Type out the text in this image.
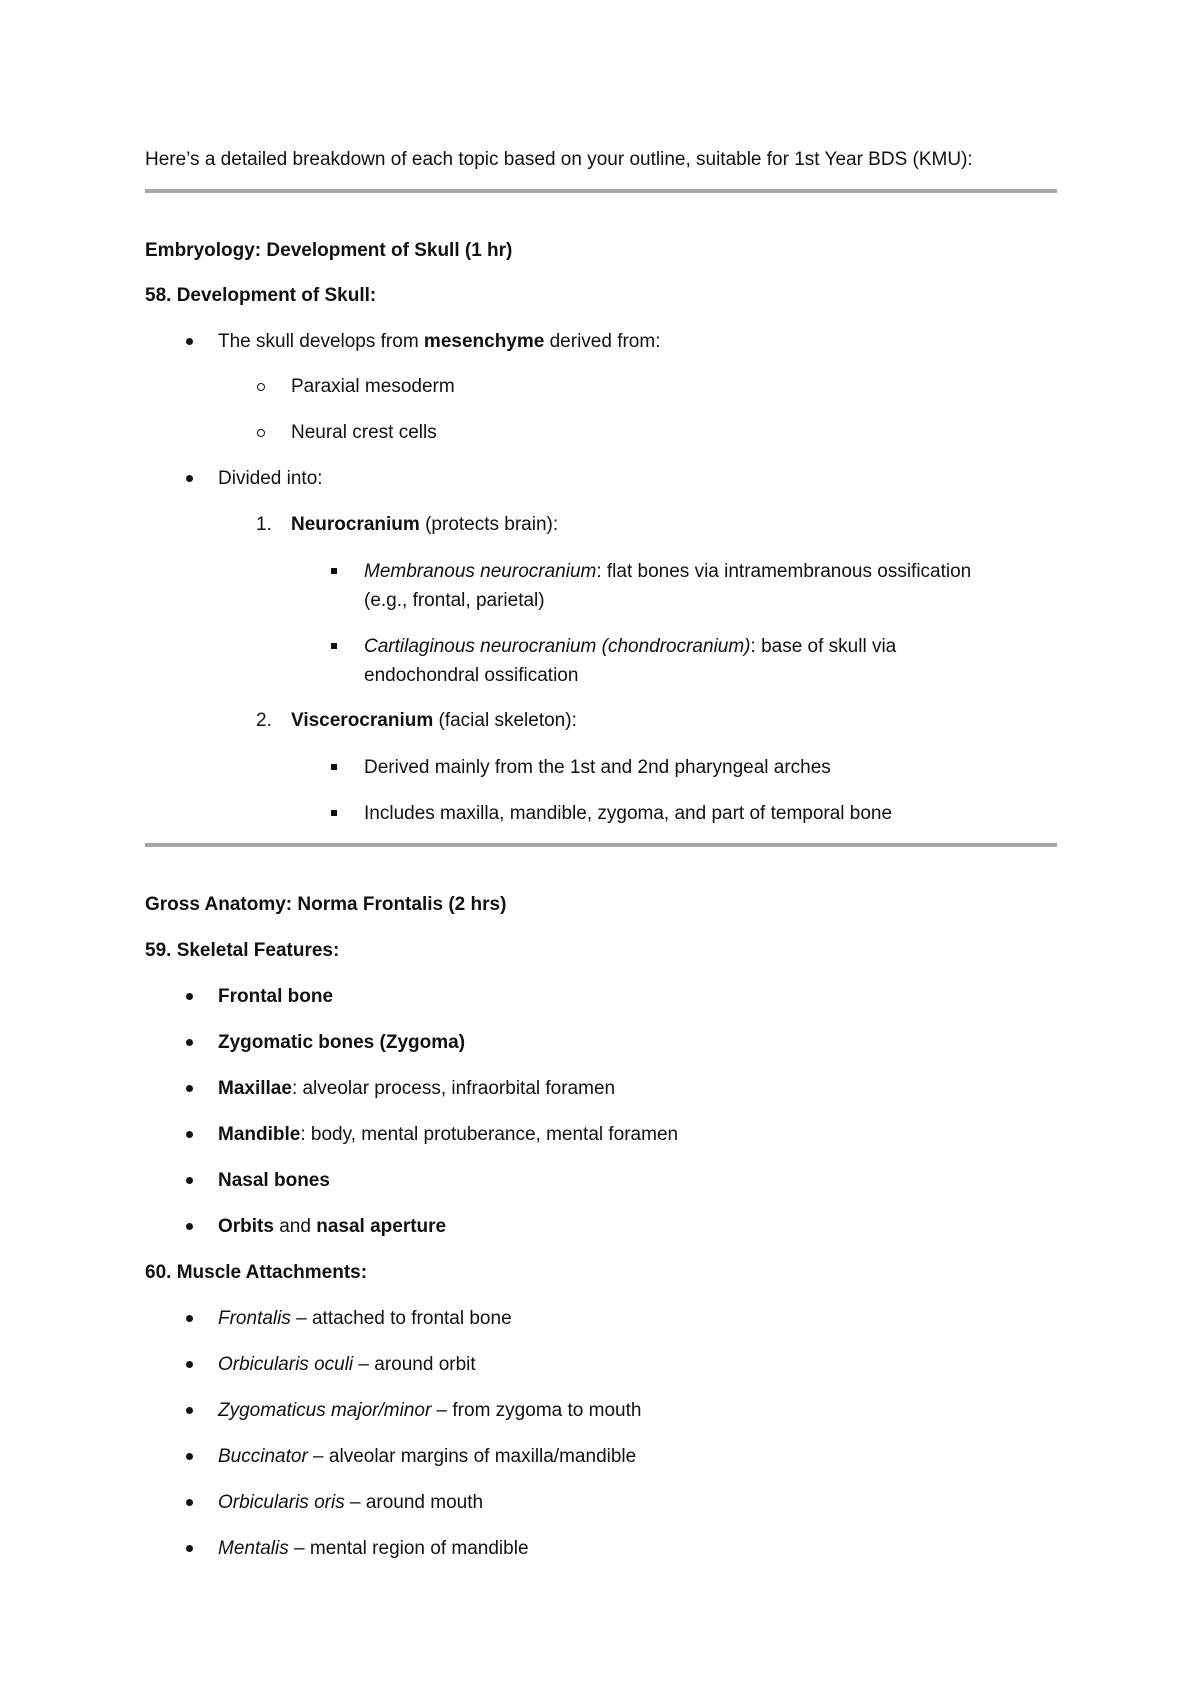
Here’s a detailed breakdown of each topic based on your outline, suitable for 1st Year BDS (KMU):
Embryology: Development of Skull (1 hr)
58. Development of Skull:
The skull develops from mesenchyme derived from:
Paraxial mesoderm
Neural crest cells
Divided into:
1. Neurocranium (protects brain):
Membranous neurocranium: flat bones via intramembranous ossification
(e.g., frontal, parietal)
Cartilaginous neurocranium (chondrocranium): base of skull via
endochondral ossification
2. Viscerocranium (facial skeleton):
Derived mainly from the 1st and 2nd pharyngeal arches
Includes maxilla, mandible, zygoma, and part of temporal bone
Gross Anatomy: Norma Frontalis (2 hrs)
59. Skeletal Features:
Frontal bone
Zygomatic bones (Zygoma)
Maxillae: alveolar process, infraorbital foramen
Mandible: body, mental protuberance, mental foramen
Nasal bones
Orbits and nasal aperture
60. Muscle Attachments:
Frontalis – attached to frontal bone
Orbicularis oculi – around orbit
Zygomaticus major/minor – from zygoma to mouth
Buccinator – alveolar margins of maxilla/mandible
Orbicularis oris – around mouth
Mentalis – mental region of mandible
